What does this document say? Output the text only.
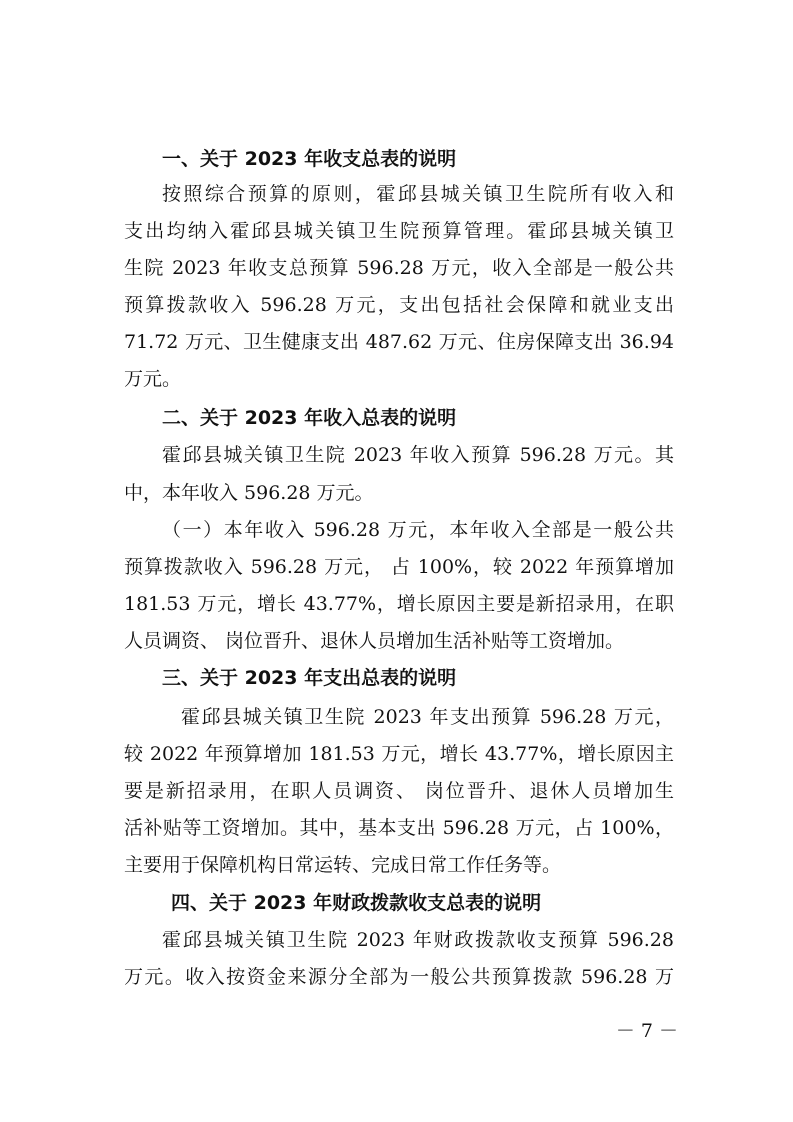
一、关于 2023 年收支总表的说明
按照综合预算的原则，霍邱县城关镇卫生院所有收入和
支出均纳入霍邱县城关镇卫生院预算管理。霍邱县城关镇卫
生院 2023 年收支总预算 596.28 万元，收入全部是一般公共
预算拨款收入 596.28 万元，支出包括社会保障和就业支出
71.72 万元、卫生健康支出 487.62 万元、住房保障支出 36.94
万元。
二、关于 2023 年收入总表的说明
霍邱县城关镇卫生院 2023 年收入预算 596.28 万元。其
中，本年收入 596.28 万元。
（一）本年收入 596.28 万元，本年收入全部是一般公共
预算拨款收入 596.28 万元， 占 100%，较 2022 年预算增加
181.53 万元，增长 43.77%，增长原因主要是新招录用，在职
人员调资、 岗位晋升、退休人员增加生活补贴等工资增加。
三、关于 2023 年支出总表的说明
霍邱县城关镇卫生院 2023 年支出预算 596.28 万元，
较 2022 年预算增加 181.53 万元，增长 43.77%，增长原因主
要是新招录用，在职人员调资、 岗位晋升、退休人员增加生
活补贴等工资增加。其中，基本支出 596.28 万元，占 100%，
主要用于保障机构日常运转、完成日常工作任务等。
四、关于 2023 年财政拨款收支总表的说明
霍邱县城关镇卫生院 2023 年财政拨款收支预算 596.28
万元。收入按资金来源分全部为一般公共预算拨款 596.28 万
－ 7 －
